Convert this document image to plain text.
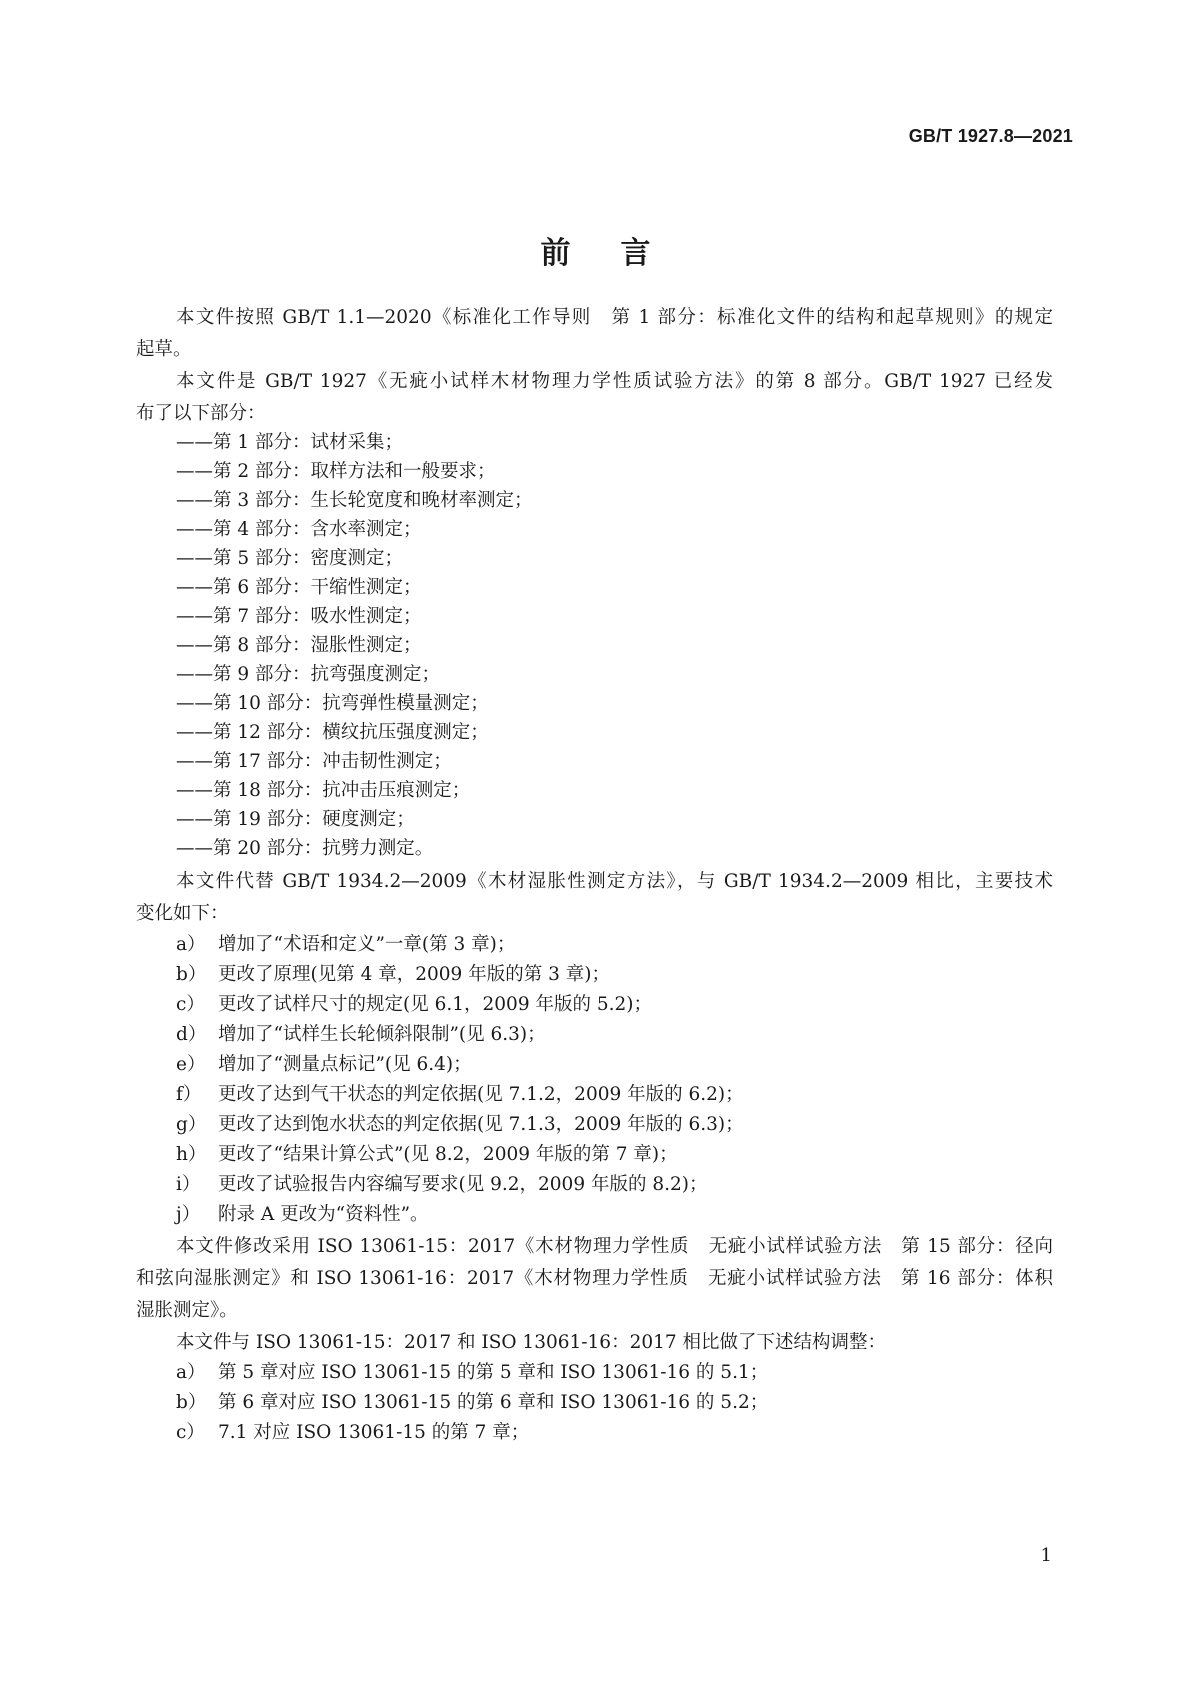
GB/T 1927.8—2021
前 言
本文件按照 GB/T 1.1—2020《标准化工作导则　第 1 部分：标准化文件的结构和起草规则》的规定
起草。
本文件是 GB/T 1927《无疵小试样木材物理力学性质试验方法》的第 8 部分。GB/T 1927 已经发
布了以下部分：
——第 1 部分：试材采集；
——第 2 部分：取样方法和一般要求；
——第 3 部分：生长轮宽度和晚材率测定；
——第 4 部分：含水率测定；
——第 5 部分：密度测定；
——第 6 部分：干缩性测定；
——第 7 部分：吸水性测定；
——第 8 部分：湿胀性测定；
——第 9 部分：抗弯强度测定；
——第 10 部分：抗弯弹性模量测定；
——第 12 部分：横纹抗压强度测定；
——第 17 部分：冲击韧性测定；
——第 18 部分：抗冲击压痕测定；
——第 19 部分：硬度测定；
——第 20 部分：抗劈力测定。
本文件代替 GB/T 1934.2—2009《木材湿胀性测定方法》，与 GB/T 1934.2—2009 相比，主要技术
变化如下：
a） 增加了“术语和定义”一章(第 3 章)；
b） 更改了原理(见第 4 章，2009 年版的第 3 章)；
c） 更改了试样尺寸的规定(见 6.1，2009 年版的 5.2)；
d） 增加了“试样生长轮倾斜限制”(见 6.3)；
e） 增加了“测量点标记”(见 6.4)；
f） 更改了达到气干状态的判定依据(见 7.1.2，2009 年版的 6.2)；
g） 更改了达到饱水状态的判定依据(见 7.1.3，2009 年版的 6.3)；
h） 更改了“结果计算公式”(见 8.2，2009 年版的第 7 章)；
i） 更改了试验报告内容编写要求(见 9.2，2009 年版的 8.2)；
j） 附录 A 更改为“资料性”。
本文件修改采用 ISO 13061-15：2017《木材物理力学性质　无疵小试样试验方法　第 15 部分：径向
和弦向湿胀测定》和 ISO 13061-16：2017《木材物理力学性质　无疵小试样试验方法　第 16 部分：体积
湿胀测定》。
本文件与 ISO 13061-15：2017 和 ISO 13061-16：2017 相比做了下述结构调整：
a） 第 5 章对应 ISO 13061-15 的第 5 章和 ISO 13061-16 的 5.1；
b） 第 6 章对应 ISO 13061-15 的第 6 章和 ISO 13061-16 的 5.2；
c） 7.1 对应 ISO 13061-15 的第 7 章；
1
